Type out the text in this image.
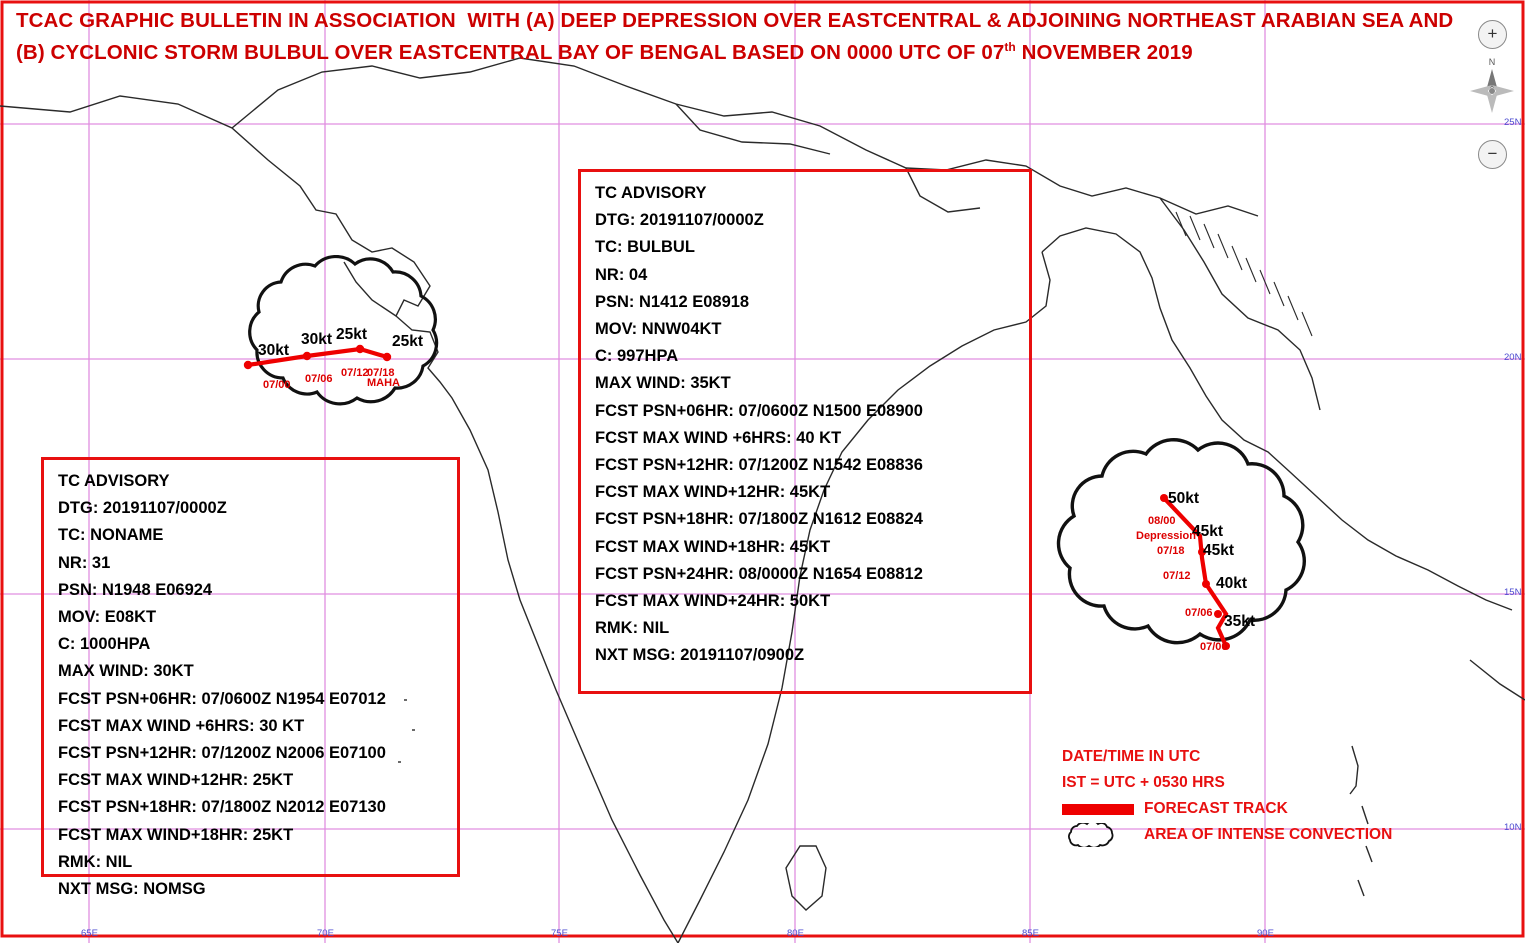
TCAC GRAPHIC BULLETIN IN ASSOCIATION  WITH (A) DEEP DEPRESSION OVER EASTCENTRAL & ADJOINING NORTHEAST ARABIAN SEA AND (B) CYCLONIC STORM BULBUL OVER EASTCENTRAL BAY OF BENGAL BASED ON 0000 UTC OF 07th NOVEMBER 2019
30kt
30kt 25kt 25kt
07/00 07/06 07/12
07/18
MAHA
50kt
45kt
45kt
40kt
35kt
08/00
Depression
07/18
07/12
07/06
07/00
TC ADVISORY
DTG: 20191107/0000Z
TC: BULBUL
NR: 04
PSN: N1412 E08918
MOV: NNW04KT
C: 997HPA
MAX WIND: 35KT
FCST PSN+06HR: 07/0600Z N1500 E08900
FCST MAX WIND +6HRS: 40 KT
FCST PSN+12HR: 07/1200Z N1542 E08836
FCST MAX WIND+12HR: 45KT
FCST PSN+18HR: 07/1800Z N1612 E08824
FCST MAX WIND+18HR: 45KT
FCST PSN+24HR: 08/0000Z N1654 E08812
FCST MAX WIND+24HR: 50KT
RMK: NIL
NXT MSG: 20191107/0900Z
TC ADVISORY
DTG: 20191107/0000Z
TC: NONAME
NR: 31
PSN: N1948 E06924
MOV: E08KT
C: 1000HPA
MAX WIND: 30KT
FCST PSN+06HR: 07/0600Z N1954 E07012
FCST MAX WIND +6HRS: 30 KT
FCST PSN+12HR: 07/1200Z N2006 E07100
FCST MAX WIND+12HR: 25KT
FCST PSN+18HR: 07/1800Z N2012 E07130
FCST MAX WIND+18HR: 25KT
RMK: NIL
NXT MSG: NOMSG
DATE/TIME IN UTC
IST = UTC + 0530 HRS
FORECAST TRACK
AREA OF INTENSE CONVECTION
+
−
N
65E	70E	75E	80E	85E	90E
25N
20N
15N
10N
